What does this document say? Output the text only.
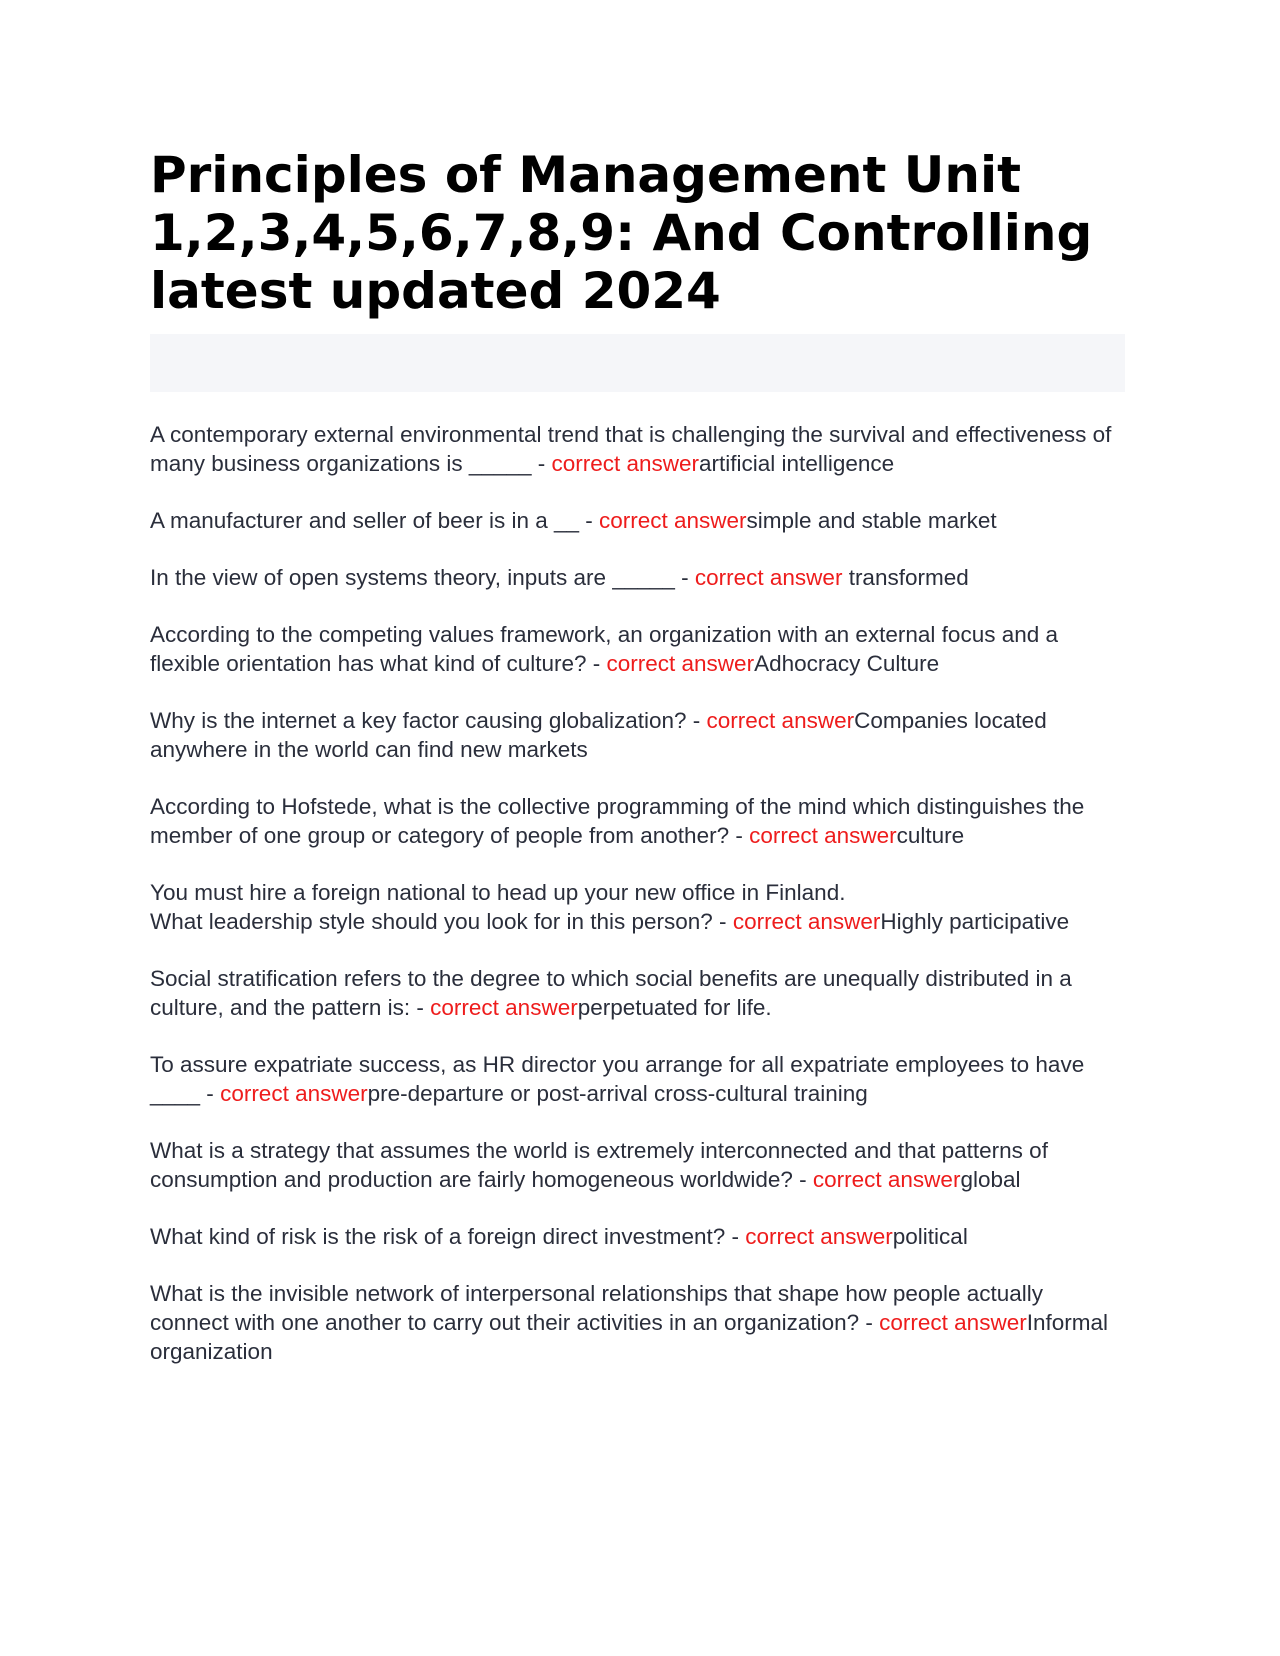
Principles of Management Unit 1,2,3,4,5,6,7,8,9: And Controlling latest updated 2024

A contemporary external environmental trend that is challenging the survival and effectiveness of many business organizations is _____ - correct answerartificial intelligence

A manufacturer and seller of beer is in a __ - correct answersimple and stable market

In the view of open systems theory, inputs are _____ - correct answer transformed

According to the competing values framework, an organization with an external focus and a flexible orientation has what kind of culture? - correct answerAdhocracy Culture

Why is the internet a key factor causing globalization? - correct answerCompanies located anywhere in the world can find new markets

According to Hofstede, what is the collective programming of the mind which distinguishes the member of one group or category of people from another? - correct answerculture

You must hire a foreign national to head up your new office in Finland.
What leadership style should you look for in this person? - correct answerHighly participative

Social stratification refers to the degree to which social benefits are unequally distributed in a culture, and the pattern is: - correct answerperpetuated for life.

To assure expatriate success, as HR director you arrange for all expatriate employees to have ____ - correct answerpre-departure or post-arrival cross-cultural training

What is a strategy that assumes the world is extremely interconnected and that patterns of consumption and production are fairly homogeneous worldwide? - correct answerglobal

What kind of risk is the risk of a foreign direct investment? - correct answerpolitical

What is the invisible network of interpersonal relationships that shape how people actually connect with one another to carry out their activities in an organization? - correct answerInformal organization
